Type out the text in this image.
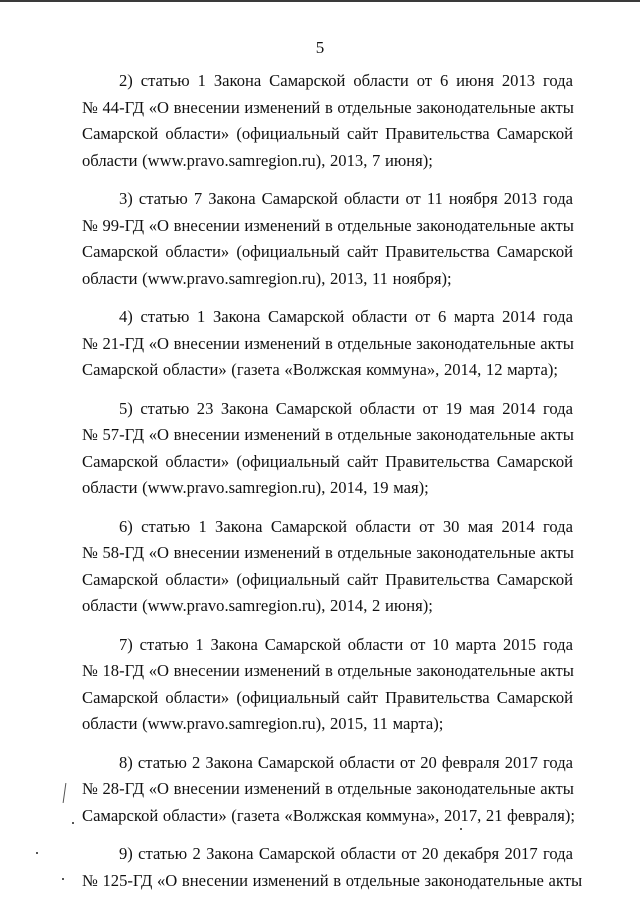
5
2) статью 1 Закона Самарской области от 6 июня 2013 года
№ 44-ГД «О внесении изменений в отдельные законодательные акты
Самарской области» (официальный сайт Правительства Самарской
области (www.pravo.samregion.ru), 2013, 7 июня);
3) статью 7 Закона Самарской области от 11 ноября 2013 года
№ 99-ГД «О внесении изменений в отдельные законодательные акты
Самарской области» (официальный сайт Правительства Самарской
области (www.pravo.samregion.ru), 2013, 11 ноября);
4) статью 1 Закона Самарской области от 6 марта 2014 года
№ 21-ГД «О внесении изменений в отдельные законодательные акты
Самарской области» (газета «Волжская коммуна», 2014, 12 марта);
5) статью 23 Закона Самарской области от 19 мая 2014 года
№ 57-ГД «О внесении изменений в отдельные законодательные акты
Самарской области» (официальный сайт Правительства Самарской
области (www.pravo.samregion.ru), 2014, 19 мая);
6) статью 1 Закона Самарской области от 30 мая 2014 года
№ 58-ГД «О внесении изменений в отдельные законодательные акты
Самарской области» (официальный сайт Правительства Самарской
области (www.pravo.samregion.ru), 2014, 2 июня);
7) статью 1 Закона Самарской области от 10 марта 2015 года
№ 18-ГД «О внесении изменений в отдельные законодательные акты
Самарской области» (официальный сайт Правительства Самарской
области (www.pravo.samregion.ru), 2015, 11 марта);
8) статью 2 Закона Самарской области от 20 февраля 2017 года
№ 28-ГД «О внесении изменений в отдельные законодательные акты
Самарской области» (газета «Волжская коммуна», 2017, 21 февраля);
9) статью 2 Закона Самарской области от 20 декабря 2017 года
№ 125-ГД «О внесении изменений в отдельные законодательные акты
